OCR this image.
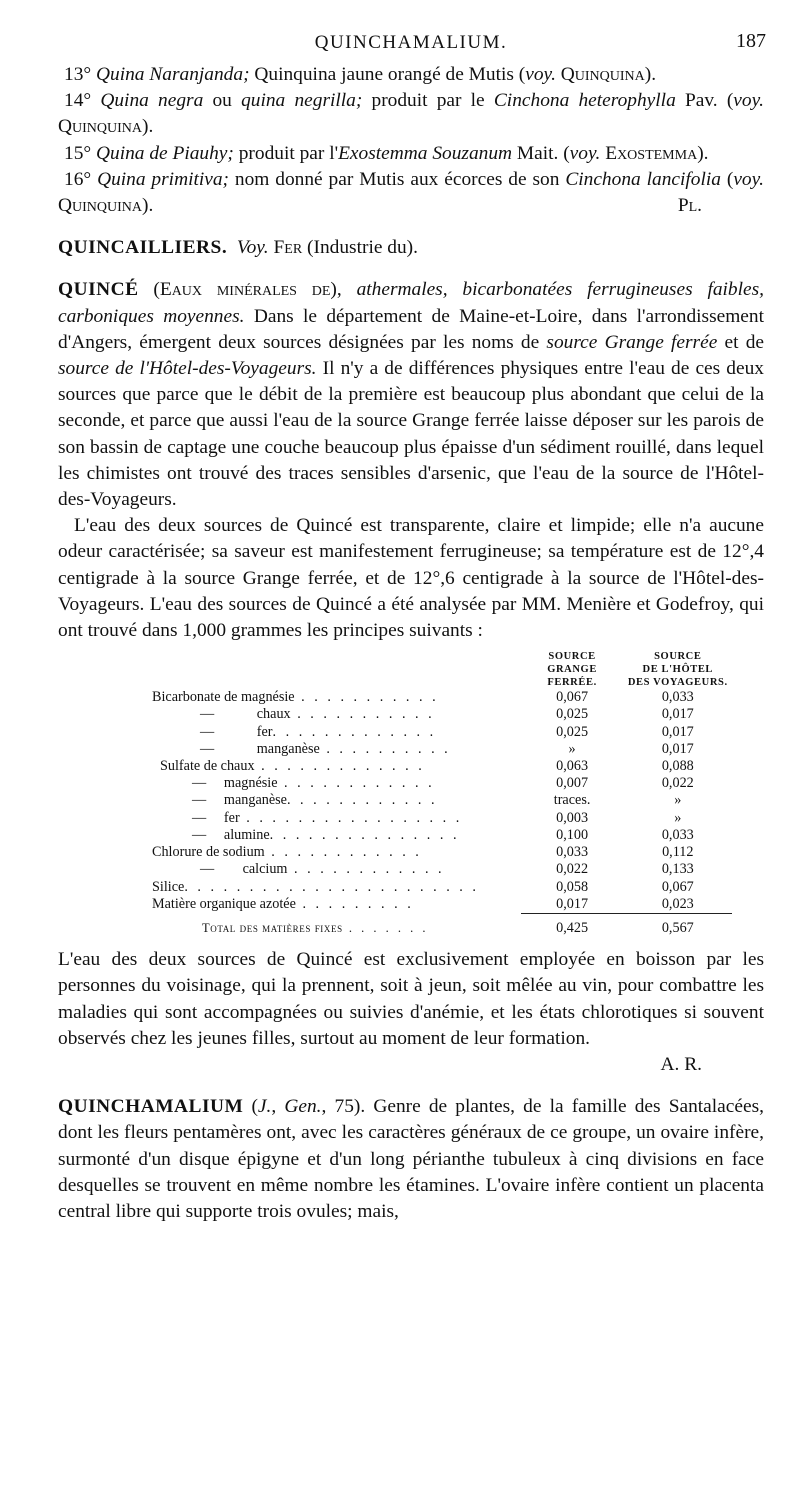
QUINCHAMALIUM.	187

13° Quina Naranjanda; Quinquina jaune orangé de Mutis (voy. Quinquina).

14° Quina negra ou quina negrilla; produit par le Cinchona heterophylla Pav. (voy. Quinquina).

15° Quina de Piauhy; produit par l'Exostemma Souzanum Mait. (voy. Exostemma).

16° Quina primitiva; nom donné par Mutis aux écorces de son Cinchona lancifolia (voy. Quinquina).	Pl.

QUINCAILLIERS. Voy. Fer (Industrie du).

QUINCÉ (Eaux minérales de), athermales, bicarbonatées ferrugineuses faibles, carboniques moyennes. Dans le département de Maine-et-Loire, dans l'arrondissement d'Angers, émergent deux sources désignées par les noms de source Grange ferrée et de source de l'Hôtel-des-Voyageurs. Il n'y a de différences physiques entre l'eau de ces deux sources que parce que le débit de la première est beaucoup plus abondant que celui de la seconde, et parce que aussi l'eau de la source Grange ferrée laisse déposer sur les parois de son bassin de captage une couche beaucoup plus épaisse d'un sédiment rouillé, dans lequel les chimistes ont trouvé des traces sensibles d'arsenic, que l'eau de la source de l'Hôtel-des-Voyageurs.

L'eau des deux sources de Quincé est transparente, claire et limpide; elle n'a aucune odeur caractérisée; sa saveur est manifestement ferrugineuse; sa température est de 12°,4 centigrade à la source Grange ferrée, et de 12°,6 centigrade à la source de l'Hôtel-des-Voyageurs. L'eau des sources de Quincé a été analysée par MM. Menière et Godefroy, qui ont trouvé dans 1,000 grammes les principes suivants :

	SOURCE	SOURCE
	GRANGE	DE L'HÔTEL
	FERRÉE.	DES VOYAGEURS.

Bicarbonate de magnésie . . . . . . . . . . .	0,067	0,033

— chaux . . . . . . . . . . .	0,025	0,017

— fer. . . . . . . . . . . . .	0,025	0,017

— manganèse . . . . . . . . . .	»	0,017

Sulfate de chaux . . . . . . . . . . . . .	0,063	0,088

— magnésie . . . . . . . . . . . .	0,007	0,022

— manganèse. . . . . . . . . . . .	traces.	»

— fer . . . . . . . . . . . . . . . . .	0,003	»

— alumine. . . . . . . . . . . . . . .	0,100	0,033

Chlorure de sodium . . . . . . . . . . . .	0,033	0,112

— calcium . . . . . . . . . . . .	0,022	0,133

Silice. . . . . . . . . . . . . . . . . . . . . . .	0,058	0,067

Matière organique azotée . . . . . . . . .	0,017	0,023

Total des matières fixes . . . . . . .	0,425	0,567

L'eau des deux sources de Quincé est exclusivement employée en boisson par les personnes du voisinage, qui la prennent, soit à jeun, soit mêlée au vin, pour combattre les maladies qui sont accompagnées ou suivies d'anémie, et les états chlorotiques si souvent observés chez les jeunes filles, surtout au moment de leur formation.

A. R.

QUINCHAMALIUM (J., Gen., 75). Genre de plantes, de la famille des Santalacées, dont les fleurs pentamères ont, avec les caractères généraux de ce groupe, un ovaire infère, surmonté d'un disque épigyne et d'un long périanthe tubuleux à cinq divisions en face desquelles se trouvent en même nombre les étamines. L'ovaire infère contient un placenta central libre qui supporte trois ovules; mais,
